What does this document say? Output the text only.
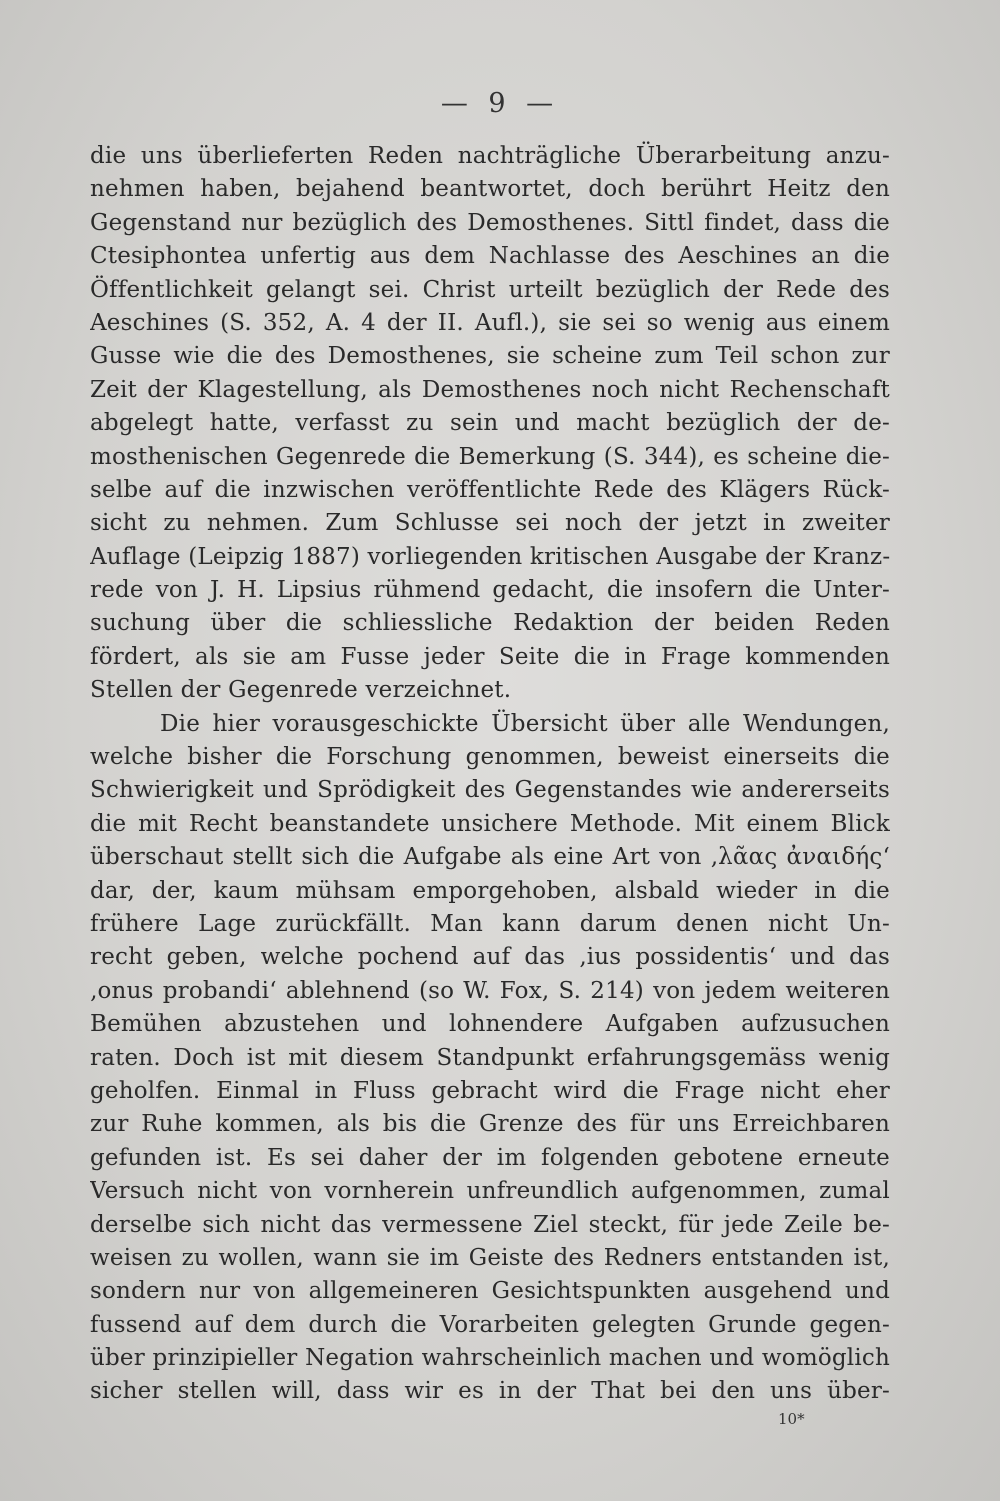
— 9 —
die uns überlieferten Reden nachträgliche Überarbeitung anzu-
nehmen haben, bejahend beantwortet, doch berührt Heitz den
Gegenstand nur bezüglich des Demosthenes. Sittl findet, dass die
Ctesiphontea unfertig aus dem Nachlasse des Aeschines an die
Öffentlichkeit gelangt sei. Christ urteilt bezüglich der Rede des
Aeschines (S. 352, A. 4 der II. Aufl.), sie sei so wenig aus einem
Gusse wie die des Demosthenes, sie scheine zum Teil schon zur
Zeit der Klagestellung, als Demosthenes noch nicht Rechenschaft
abgelegt hatte, verfasst zu sein und macht bezüglich der de-
mosthenischen Gegenrede die Bemerkung (S. 344), es scheine die-
selbe auf die inzwischen veröffentlichte Rede des Klägers Rück-
sicht zu nehmen. Zum Schlusse sei noch der jetzt in zweiter
Auflage (Leipzig 1887) vorliegenden kritischen Ausgabe der Kranz-
rede von J. H. Lipsius rühmend gedacht, die insofern die Unter-
suchung über die schliessliche Redaktion der beiden Reden
fördert, als sie am Fusse jeder Seite die in Frage kommenden
Stellen der Gegenrede verzeichnet.
Die hier vorausgeschickte Übersicht über alle Wendungen,
welche bisher die Forschung genommen, beweist einerseits die
Schwierigkeit und Sprödigkeit des Gegenstandes wie andererseits
die mit Recht beanstandete unsichere Methode. Mit einem Blick
überschaut stellt sich die Aufgabe als eine Art von ‚λᾶας ἀναιδής‘
dar, der, kaum mühsam emporgehoben, alsbald wieder in die
frühere Lage zurückfällt. Man kann darum denen nicht Un-
recht geben, welche pochend auf das ‚ius possidentis‘ und das
‚onus probandi‘ ablehnend (so W. Fox, S. 214) von jedem weiteren
Bemühen abzustehen und lohnendere Aufgaben aufzusuchen
raten. Doch ist mit diesem Standpunkt erfahrungsgemäss wenig
geholfen. Einmal in Fluss gebracht wird die Frage nicht eher
zur Ruhe kommen, als bis die Grenze des für uns Erreichbaren
gefunden ist. Es sei daher der im folgenden gebotene erneute
Versuch nicht von vornherein unfreundlich aufgenommen, zumal
derselbe sich nicht das vermessene Ziel steckt, für jede Zeile be-
weisen zu wollen, wann sie im Geiste des Redners entstanden ist,
sondern nur von allgemeineren Gesichtspunkten ausgehend und
fussend auf dem durch die Vorarbeiten gelegten Grunde gegen-
über prinzipieller Negation wahrscheinlich machen und womöglich
sicher stellen will, dass wir es in der That bei den uns über-
10*
